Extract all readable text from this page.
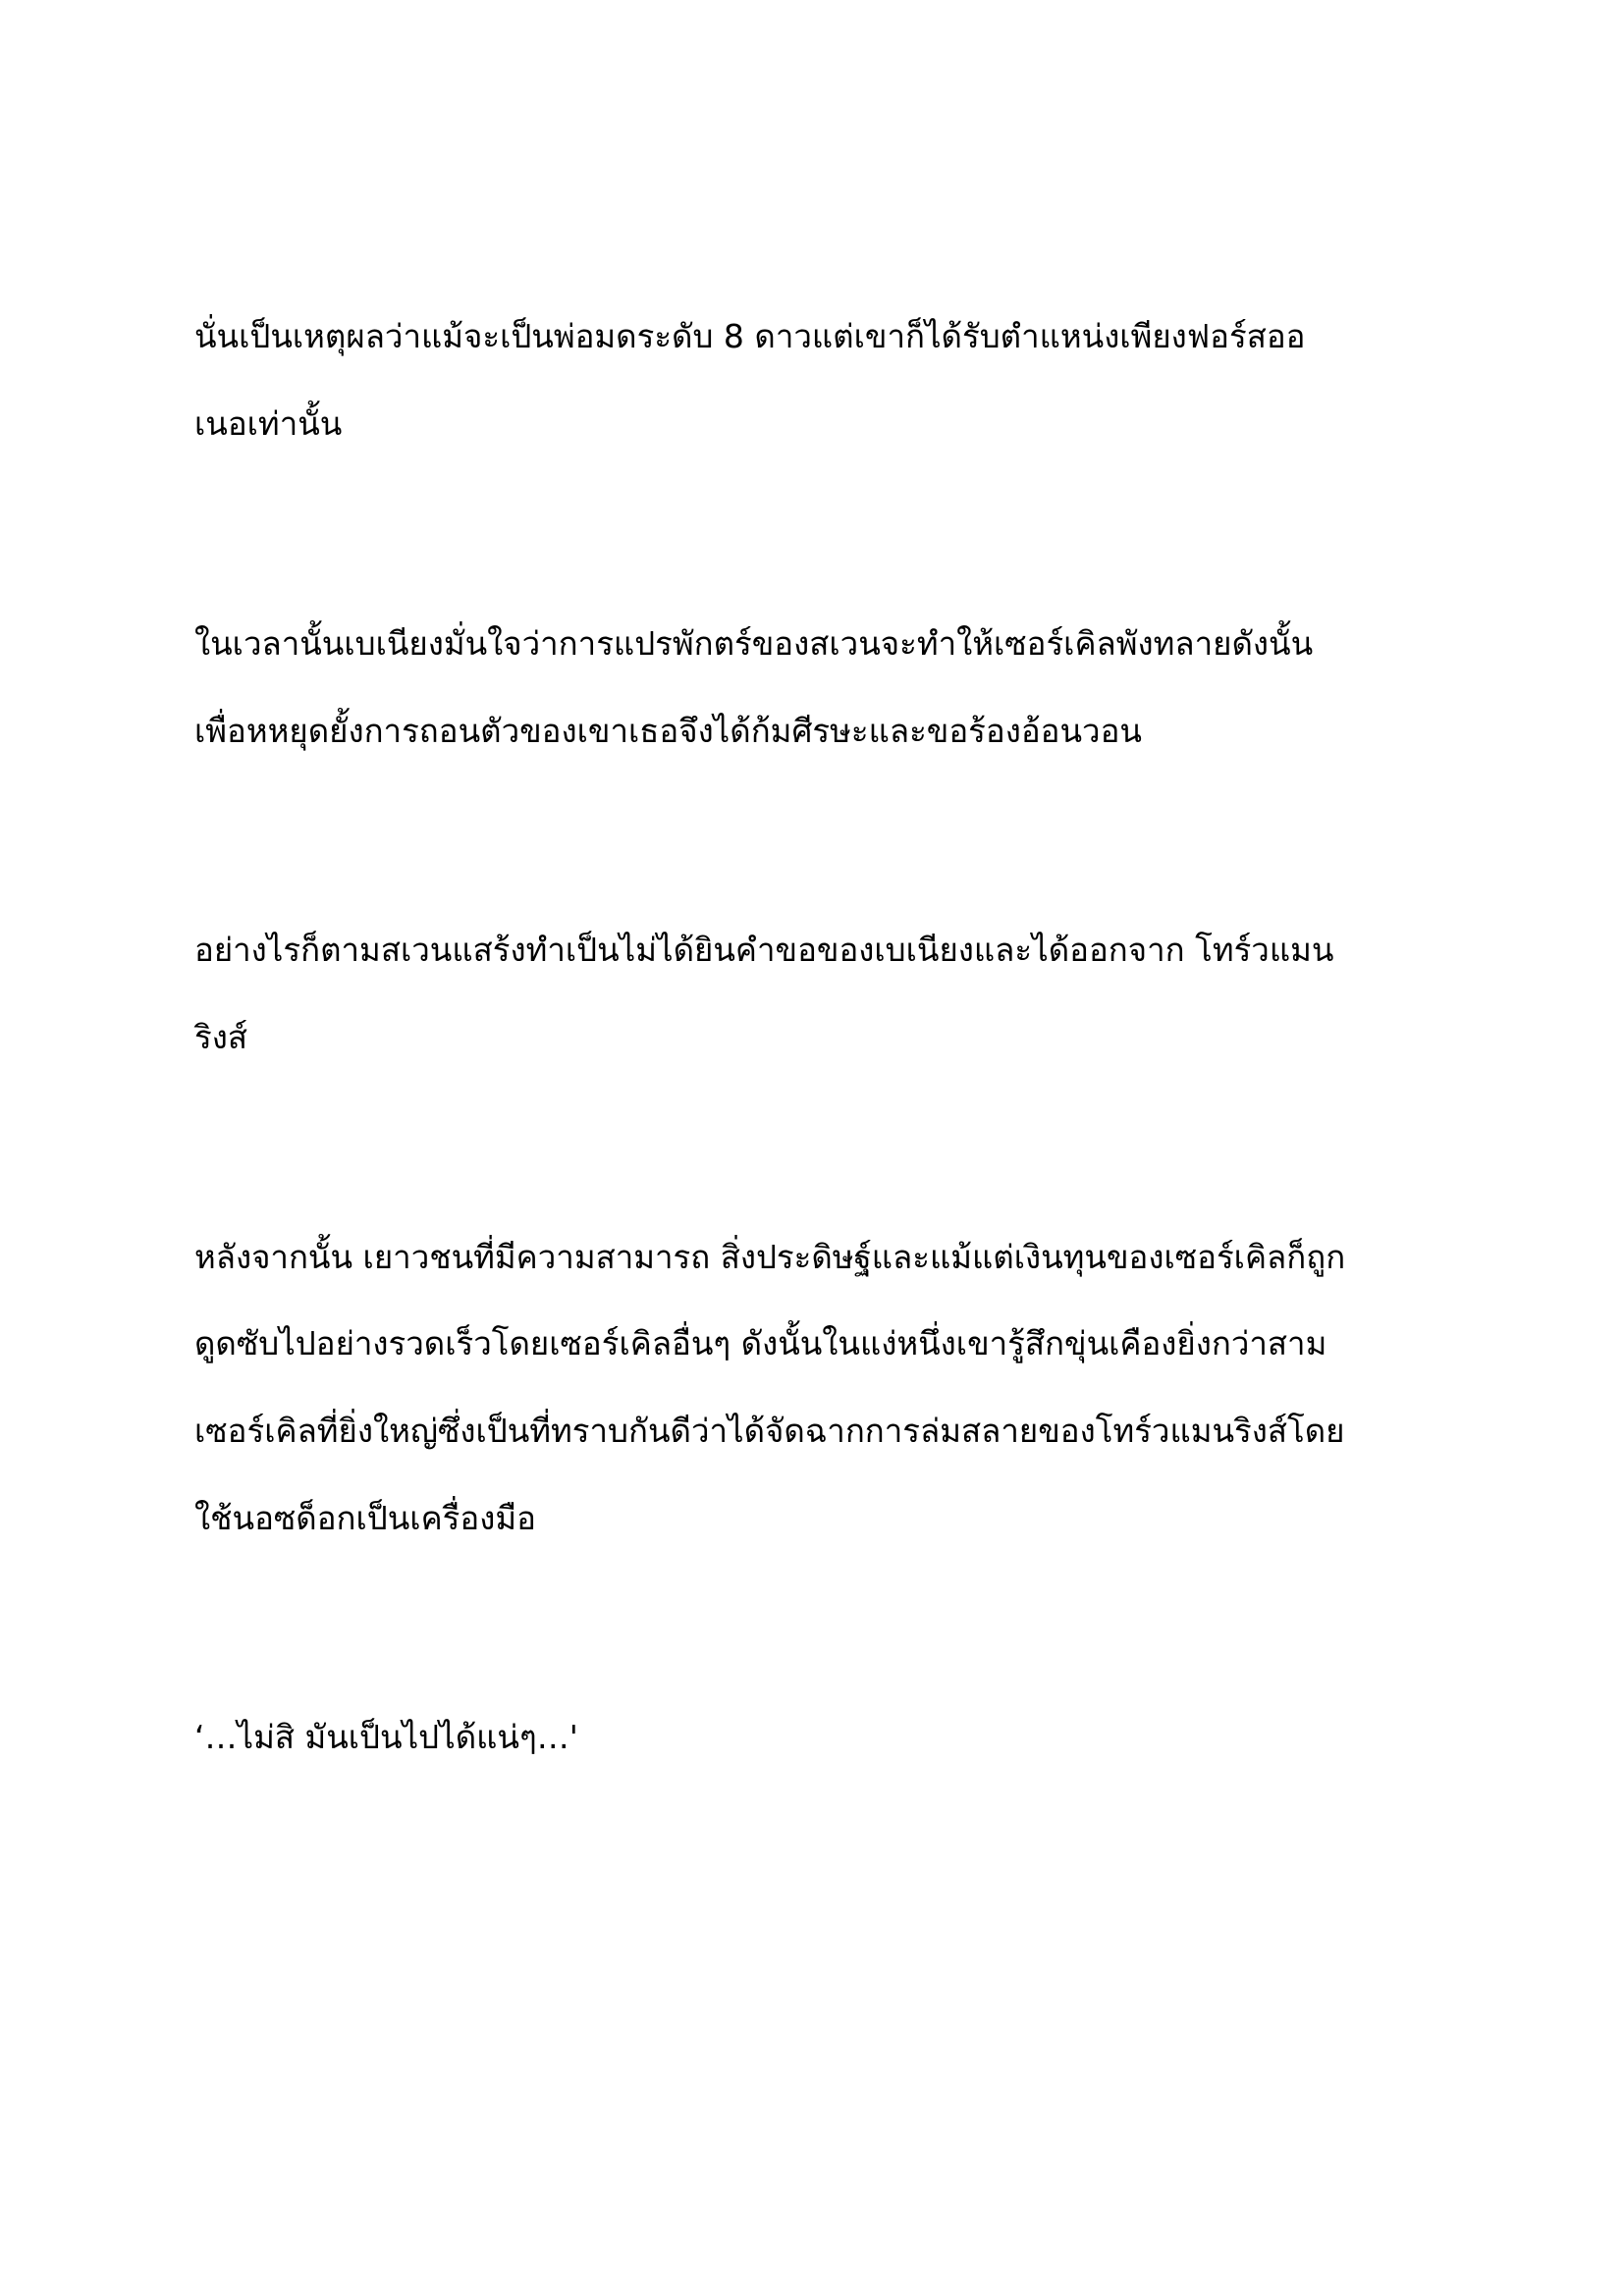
นั่นเป็นเหตุผลว่าแม้จะเป็นพ่อมดระดับ 8 ดาวแต่เขาก็ได้รับตำแหน่งเพียงฟอร์สออ

เนอเท่านั้น

ในเวลานั้นเบเนียงมั่นใจว่าการแปรพักตร์ของสเวนจะทำให้เซอร์เคิลพังทลายดังนั้น

เพื่อหหยุดยั้งการถอนตัวของเขาเธอจึงได้ก้มศีรษะและขอร้องอ้อนวอน

อย่างไรก็ตามสเวนแสร้งทำเป็นไม่ได้ยินคำขอของเบเนียงและได้ออกจาก โทร์วแมน

ริงส์

หลังจากนั้น เยาวชนที่มีความสามารถ สิ่งประดิษฐ์และแม้แต่เงินทุนของเซอร์เคิลก็ถูก

ดูดซับไปอย่างรวดเร็วโดยเซอร์เคิลอื่นๆ ดังนั้นในแง่หนึ่งเขารู้สึกขุ่นเคืองยิ่งกว่าสาม

เซอร์เคิลที่ยิ่งใหญ่ซึ่งเป็นที่ทราบกันดีว่าได้จัดฉากการล่มสลายของโทร์วแมนริงส์โดย

ใช้นอซด็อกเป็นเครื่องมือ

‘…ไม่สิ มันเป็นไปได้แน่ๆ…'
